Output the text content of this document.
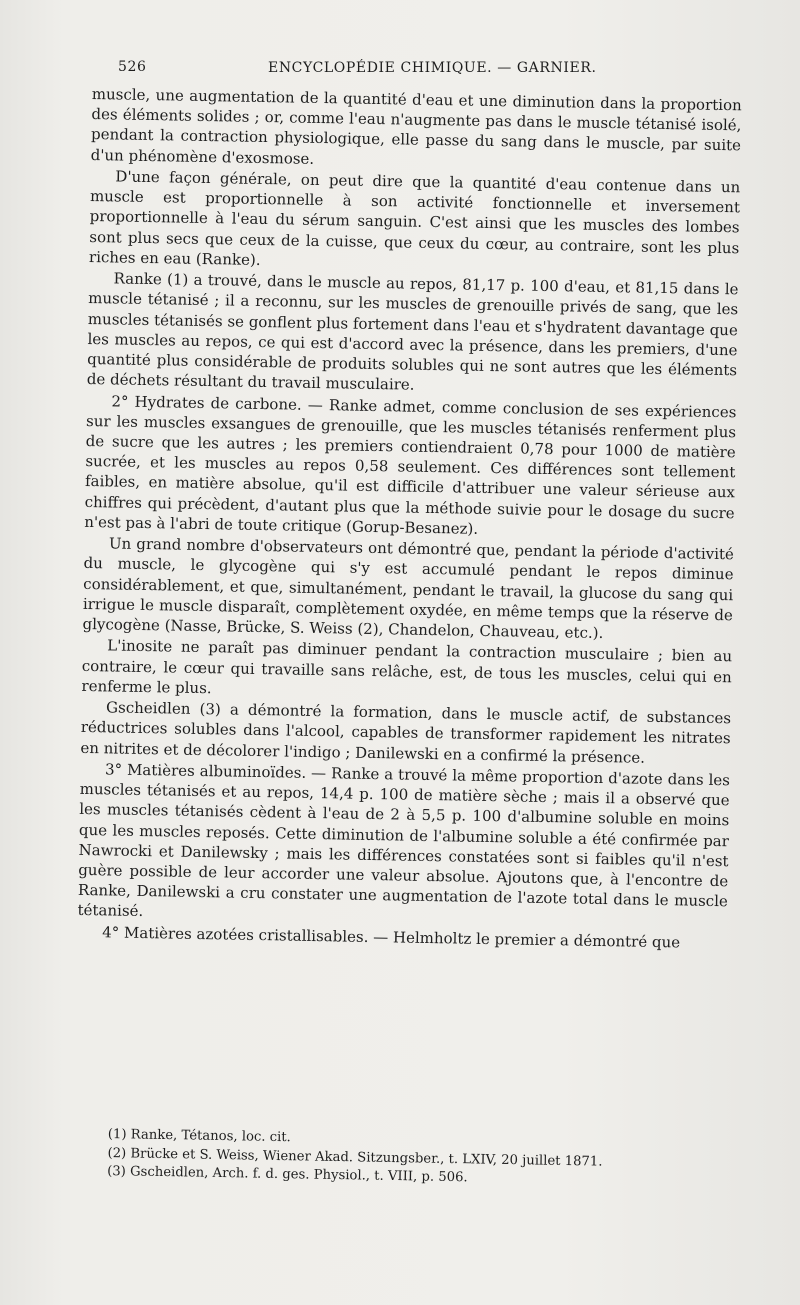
526	ENCYCLOPÉDIE CHIMIQUE. — GARNIER.

muscle, une augmentation de la quantité d'eau et une diminution dans la proportion des éléments solides ; or, comme l'eau n'augmente pas dans le muscle tétanisé isolé, pendant la contraction physiologique, elle passe du sang dans le muscle, par suite d'un phénomène d'exosmose.

D'une façon générale, on peut dire que la quantité d'eau contenue dans un muscle est proportionnelle à son activité fonctionnelle et inversement proportionnelle à l'eau du sérum sanguin. C'est ainsi que les muscles des lombes sont plus secs que ceux de la cuisse, que ceux du cœur, au contraire, sont les plus riches en eau (Ranke).

Ranke (1) a trouvé, dans le muscle au repos, 81,17 p. 100 d'eau, et 81,15 dans le muscle tétanisé ; il a reconnu, sur les muscles de grenouille privés de sang, que les muscles tétanisés se gonflent plus fortement dans l'eau et s'hydratent davantage que les muscles au repos, ce qui est d'accord avec la présence, dans les premiers, d'une quantité plus considérable de produits solubles qui ne sont autres que les éléments de déchets résultant du travail musculaire.

2° Hydrates de carbone. — Ranke admet, comme conclusion de ses expériences sur les muscles exsangues de grenouille, que les muscles tétanisés renferment plus de sucre que les autres ; les premiers contiendraient 0,78 pour 1000 de matière sucrée, et les muscles au repos 0,58 seulement. Ces différences sont tellement faibles, en matière absolue, qu'il est difficile d'attribuer une valeur sérieuse aux chiffres qui précèdent, d'autant plus que la méthode suivie pour le dosage du sucre n'est pas à l'abri de toute critique (Gorup-Besanez).

Un grand nombre d'observateurs ont démontré que, pendant la période d'activité du muscle, le glycogène qui s'y est accumulé pendant le repos diminue considérablement, et que, simultanément, pendant le travail, la glucose du sang qui irrigue le muscle disparaît, complètement oxydée, en même temps que la réserve de glycogène (Nasse, Brücke, S. Weiss (2), Chandelon, Chauveau, etc.).

L'inosite ne paraît pas diminuer pendant la contraction musculaire ; bien au contraire, le cœur qui travaille sans relâche, est, de tous les muscles, celui qui en renferme le plus.

Gscheidlen (3) a démontré la formation, dans le muscle actif, de substances réductrices solubles dans l'alcool, capables de transformer rapidement les nitrates en nitrites et de décolorer l'indigo ; Danilewski en a confirmé la présence.

3° Matières albuminoïdes. — Ranke a trouvé la même proportion d'azote dans les muscles tétanisés et au repos, 14,4 p. 100 de matière sèche ; mais il a observé que les muscles tétanisés cèdent à l'eau de 2 à 5,5 p. 100 d'albumine soluble en moins que les muscles reposés. Cette diminution de l'albumine soluble a été confirmée par Nawrocki et Danilewsky ; mais les différences constatées sont si faibles qu'il n'est guère possible de leur accorder une valeur absolue. Ajoutons que, à l'encontre de Ranke, Danilewski a cru constater une augmentation de l'azote total dans le muscle tétanisé.

4° Matières azotées cristallisables. — Helmholtz le premier a démontré que

(1) Ranke, Tétanos, loc. cit.
(2) Brücke et S. Weiss, Wiener Akad. Sitzungsber., t. LXIV, 20 juillet 1871.
(3) Gscheidlen, Arch. f. d. ges. Physiol., t. VIII, p. 506.
